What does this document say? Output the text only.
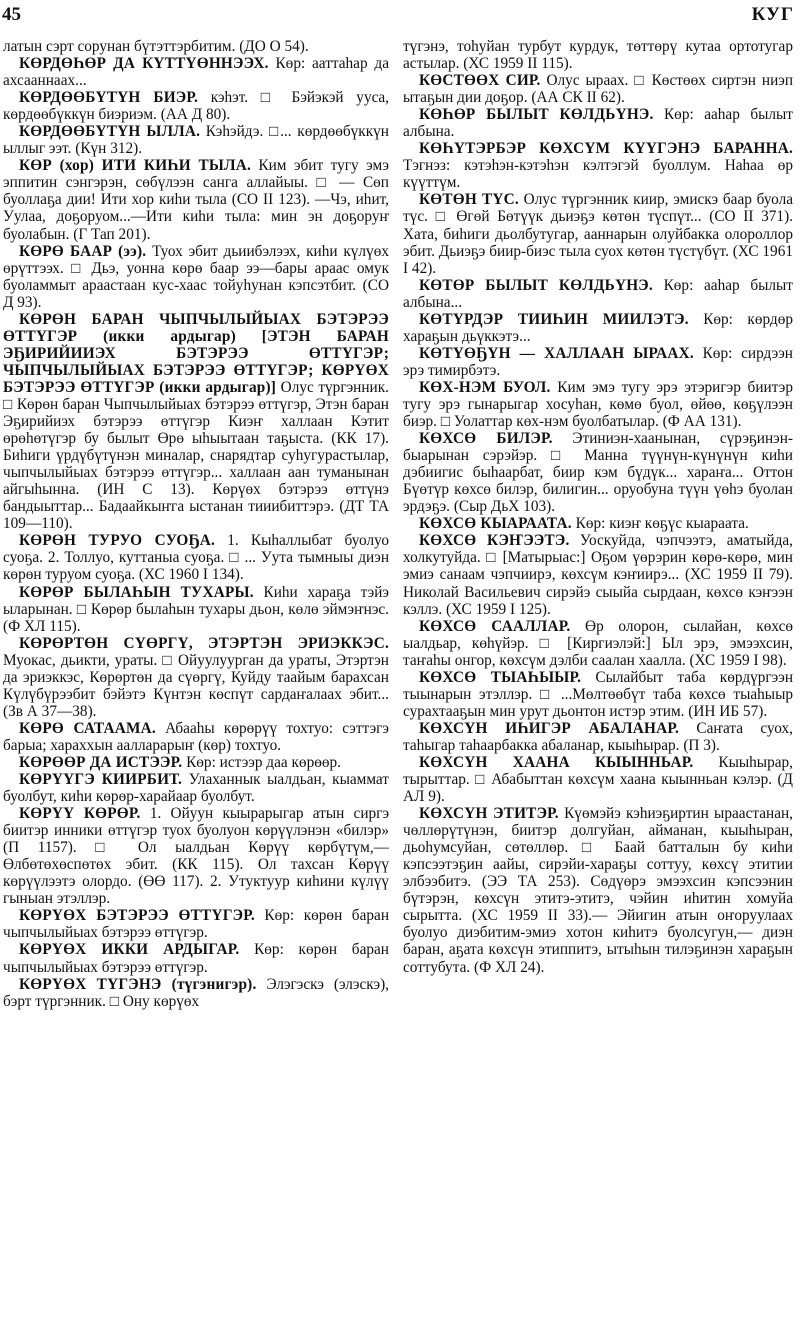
45	КУГ

латын сэрт сорунан бүтэттэрбитим. (ДО О 54).

КӨРДӨҺӨР ДА КҮТТҮӨННЭЭХ. Көр: ааттаhар да ахсааннаах...

КӨРДӨӨБҮТҮН БИЭР. кэhэт. □ Бэйэкэй уусa, көрдөөбүккүн биэриэм. (АА Д 80).

КӨРДӨӨБҮТҮН ЫЛЛА. Кэhэйдэ. □... көрдөөбүккүн ыллыг ээт. (Күн 312).

КӨР (хор) ИТИ КИҺИ ТЫЛА. Ким эбит тугу эмэ эппитин сэнгэрэн, сөбүлээн санга аллайыы. □ — Сөп буоллаҕа дии! Ити хор киhи тыла (СО II 123). —Чэ, иhит, Уулаа, доҕоруом...—Ити киhи тыла: мин эн доҕоруҥ буолабын. (Г Тап 201).

КӨРӨ БААР (ээ). Туох эбит дьиибэлээх, киһи күлүөх өрүттээх. □ Дьэ, уонна көрө баар ээ—бары араас омук буоламмыт араастаан кус-хаас тойуһунан кэпсэтбит. (СО Д 93).

КӨРӨН БАРАН ЧЫПЧЫЛЫЙЫАХ БЭТЭРЭЭ ӨТТҮГЭР (икки ардыгар) [ЭТЭН БАРАН ЭҔИРИЙИИЭХ БЭТЭРЭЭ ӨТТҮГЭР; ЧЫПЧЫЛЫЙЫАХ БЭТЭРЭЭ ӨТТҮГЭР; КӨРҮӨХ БЭТЭРЭЭ ӨТТҮГЭР (икки ардыгар)] Олус түргэнник. □ Көрөн баран Чыпчылыйыах бэтэрээ өттүгэр, Этэн баран Эҕирийиэх бэтэрээ өттүгэр Киэҥ халлаан Кэтит өрөhөтүгэр бу былыт Өрө ыhыытаан таҕыста. (КК 17). Биhиги үрдүбүтүнэн миналар, снарядтар суhугурастылар, чыпчылыйыах бэтэрээ өттүгэр... халлаан аан туманынан айгыhынна. (ИН С 13). Көрүөх бэтэрээ өттүнэ бандыыттар... Бадаайкыҥга ыстанан тииибиттэрэ. (ДТ ТА 109—110).

КӨРӨН ТУРУО СУОҔА. 1. Кыhаллыбат буолуо суоҕа. 2. Толлуо, куттаныа суоҕа. □ ... Уута тымныы диэн көрөн туруом суоҕа. (ХС 1960 I 134).

КӨРӨР БЫЛАҺЫН ТУХАРЫ. Киhи харaҕа тэйэ ыларынан. □ Көрөр былаhын тухары дьон, көлө эймэҥнэс. (Ф ХЛ 115).

КӨРӨРТӨН СҮӨРГҮ, ЭТЭРТЭН ЭРИЭККЭС. Муокас, дьикти, ураты. □ Ойуулуурган да ураты, Этэртэн да эриэккэс, Көрөртөн да сүөргү, Куйду таайым барахсан Күлүбүрээбит бэйэтэ Күнтэн көспүт сардаҥалаах эбит... (Зв А 37—38).

КӨРӨ САТААМА. Абааhы көрөрүү тохтуо: сэттэгэ барыа; хараххын аалларарыҥ (көр) тохтуо.

КӨРӨӨР ДА ИСТЭЭР. Көр: истээр даа көрөөр.

КӨРҮҮГЭ КИИРБИТ. Улаханнык ыалдьан, кыаммат буолбут, киhи көрөр-харайаар буолбут.

КӨРҮҮ КӨРӨР. 1. Ойуун кыырарыгар атын сиргэ биитэр инники өттүгэр туох буолуон көрүүлэнэн «билэр» (П 1157). □ Ол ыалдьан Көрүү көрбүтүм,— Өлбөтөхөспөтөх эбит. (КК 115). Ол тахсан Көрүү көрүүлээтэ олордо. (ӨӨ 117). 2. Утуктуур киhини күлүү гыныан этэллэр.

КӨРҮӨХ БЭТЭРЭЭ ӨТТҮГЭР. Көр: көрөн баран чыпчылыйыах бэтэрээ өттүгэр.

КӨРҮӨХ ИККИ АРДЫГАР. Көр: көрөн баран чыпчылыйыах бэтэрээ өттүгэр.

КӨРҮӨХ ТҮГЭНЭ (түгэнигэр). Элэгэскэ (элэскэ), бэрт түргэнник. □ Ону көрүөх

түгэнэ, тоhуйан турбут курдук, төттөрү кутаа ортотугар астылар. (ХС 1959 II 115).

КӨСТӨӨХ СИР. Олус ыраах. □ Көстөөх сиртэн ниэп ытаҕын дии доҕор. (АА СК II 62).

КӨҺӨР БЫЛЫТ КӨЛДЬҮНЭ. Көр: ааhар былыт албына.

КӨҺҮТЭРБЭР КӨХСҮМ КҮҮГЭНЭ БАРАННА. Тэгнэз: кэтэhэн-кэтэhэн кэлтэгэй буоллум. Наhаа өр күүттүм.

КӨТӨН ТҮС. Олус түргэнник киир, эмискэ баар буола түс. □ Өгөй Бөтүүк дьиэҕэ көтөн түспүт... (СО II 371). Хата, биhиги дьолбутугар, ааннарын олуйбакка олороллор эбит. Дьиэҕэ биир-биэс тыла суох көтөн түстүбүт. (ХС 1961 I 42).

КӨТӨР БЫЛЫТ КӨЛДЬҮНЭ. Көр: ааhар былыт албына...

КӨТҮРДЭР ТИИҺИН МИИЛЭТЭ. Көр: көрдөр харaҕын дьүккэтэ...

КӨТҮӨҔҮН — ХАЛЛААН ЫРААХ. Көр: сирдээн эрэ тимирбэтэ.

КӨХ-НЭМ БУОЛ. Ким эмэ тугу эрэ этэригэр биитэр тугу эрэ гынарыгар хосуhан, көмө буол, өйөө, көҕүлээн биэр. □ Уолаттар көх-нэм буолбатылар. (Ф АА 131).

КӨХСӨ БИЛЭР. Этиниэн-хаанынан, сүрэҕинэн-быарынан сэрэйэр. □ Манна түүнүн-күнүнүн киhи дэбиигис быhаарбат, биир кэм бүдүк... хараҥа... Оттон Бүөтүр көхсө билэр, билигин... оруобуна түүн үөhэ буолан эрдэҕэ. (Сыр ДьХ 103).

КӨХСӨ КЫАРААТА. Көр: киэҥ көҕүс кыараата.

КӨХСӨ КЭҤЭЭТЭ. Уоскуйда, чэпчээтэ, аматыйда, холкутуйда. □ [Матырыас:] Оҕом үөрэрин көрө-көрө, мин эмиэ санаам чэпчиирэ, көхсүм кэҥиирэ... (ХС 1959 II 79). Николай Васильевич сирэйэ сыыйа сырдаан, көхсө кэҥээн кэллэ. (ХС 1959 I 125).

КӨХСӨ СААЛЛАР. Өр олорон, сылайан, көхсө ыалдьар, көhүйэр. □ [Киргиэлэй:] Ыл эрэ, эмээхсин, таҥаhы онгор, көхсүм дэлби саалан хаалла. (ХС 1959 I 98).

КӨХСӨ ТЫАҺЫЫР. Сылайбыт таба көрдүргээн тыынарын этэллэр. □ ...Мөлтөөбүт таба көхсө тыаhыыр сурахтааҕын мин урут дьонтон истэр этим. (ИН ИБ 57).

КӨХСҮН ИҺИГЭР АБАЛАНАР. Саҥата суох, таhыгар таhаарбакка абаланар, кыыhырар. (П 3).

КӨХСҮН ХААНА КЫЫННЬАР. Кыыhырар, тырыттар. □ Абабыттан көхсүм хаана кыынньан кэлэр. (Д АЛ 9).

КӨХСҮН ЭТИТЭР. Күөмэйэ кэhиэҕиртин ыраастанан, чөллөрүтүнэн, биитэр долгуйан, айманан, кыыhыран, дьоhумсуйан, сөтөллөр. □ Баай батталын бу киhи кэпсээтэҕин аайы, сирэйи-хараҕы соттуу, көхсү этитии элбээбитэ. (ЭЭ ТА 253). Сөдүөрэ эмээхсин кэпсээнин бүтэрэн, көхсүн этитэ-этитэ, чэйин иhитин хомуйа сырытта. (ХС 1959 II 33).— Эйигин атын оҥоруулаах буолуо диэбитим-эмиэ хотон киhитэ буолсугун,— диэн баран, аҕата көхсүн этиппитэ, ытыhын тилэҕинэн харaҕын соттубута. (Ф ХЛ 24).
